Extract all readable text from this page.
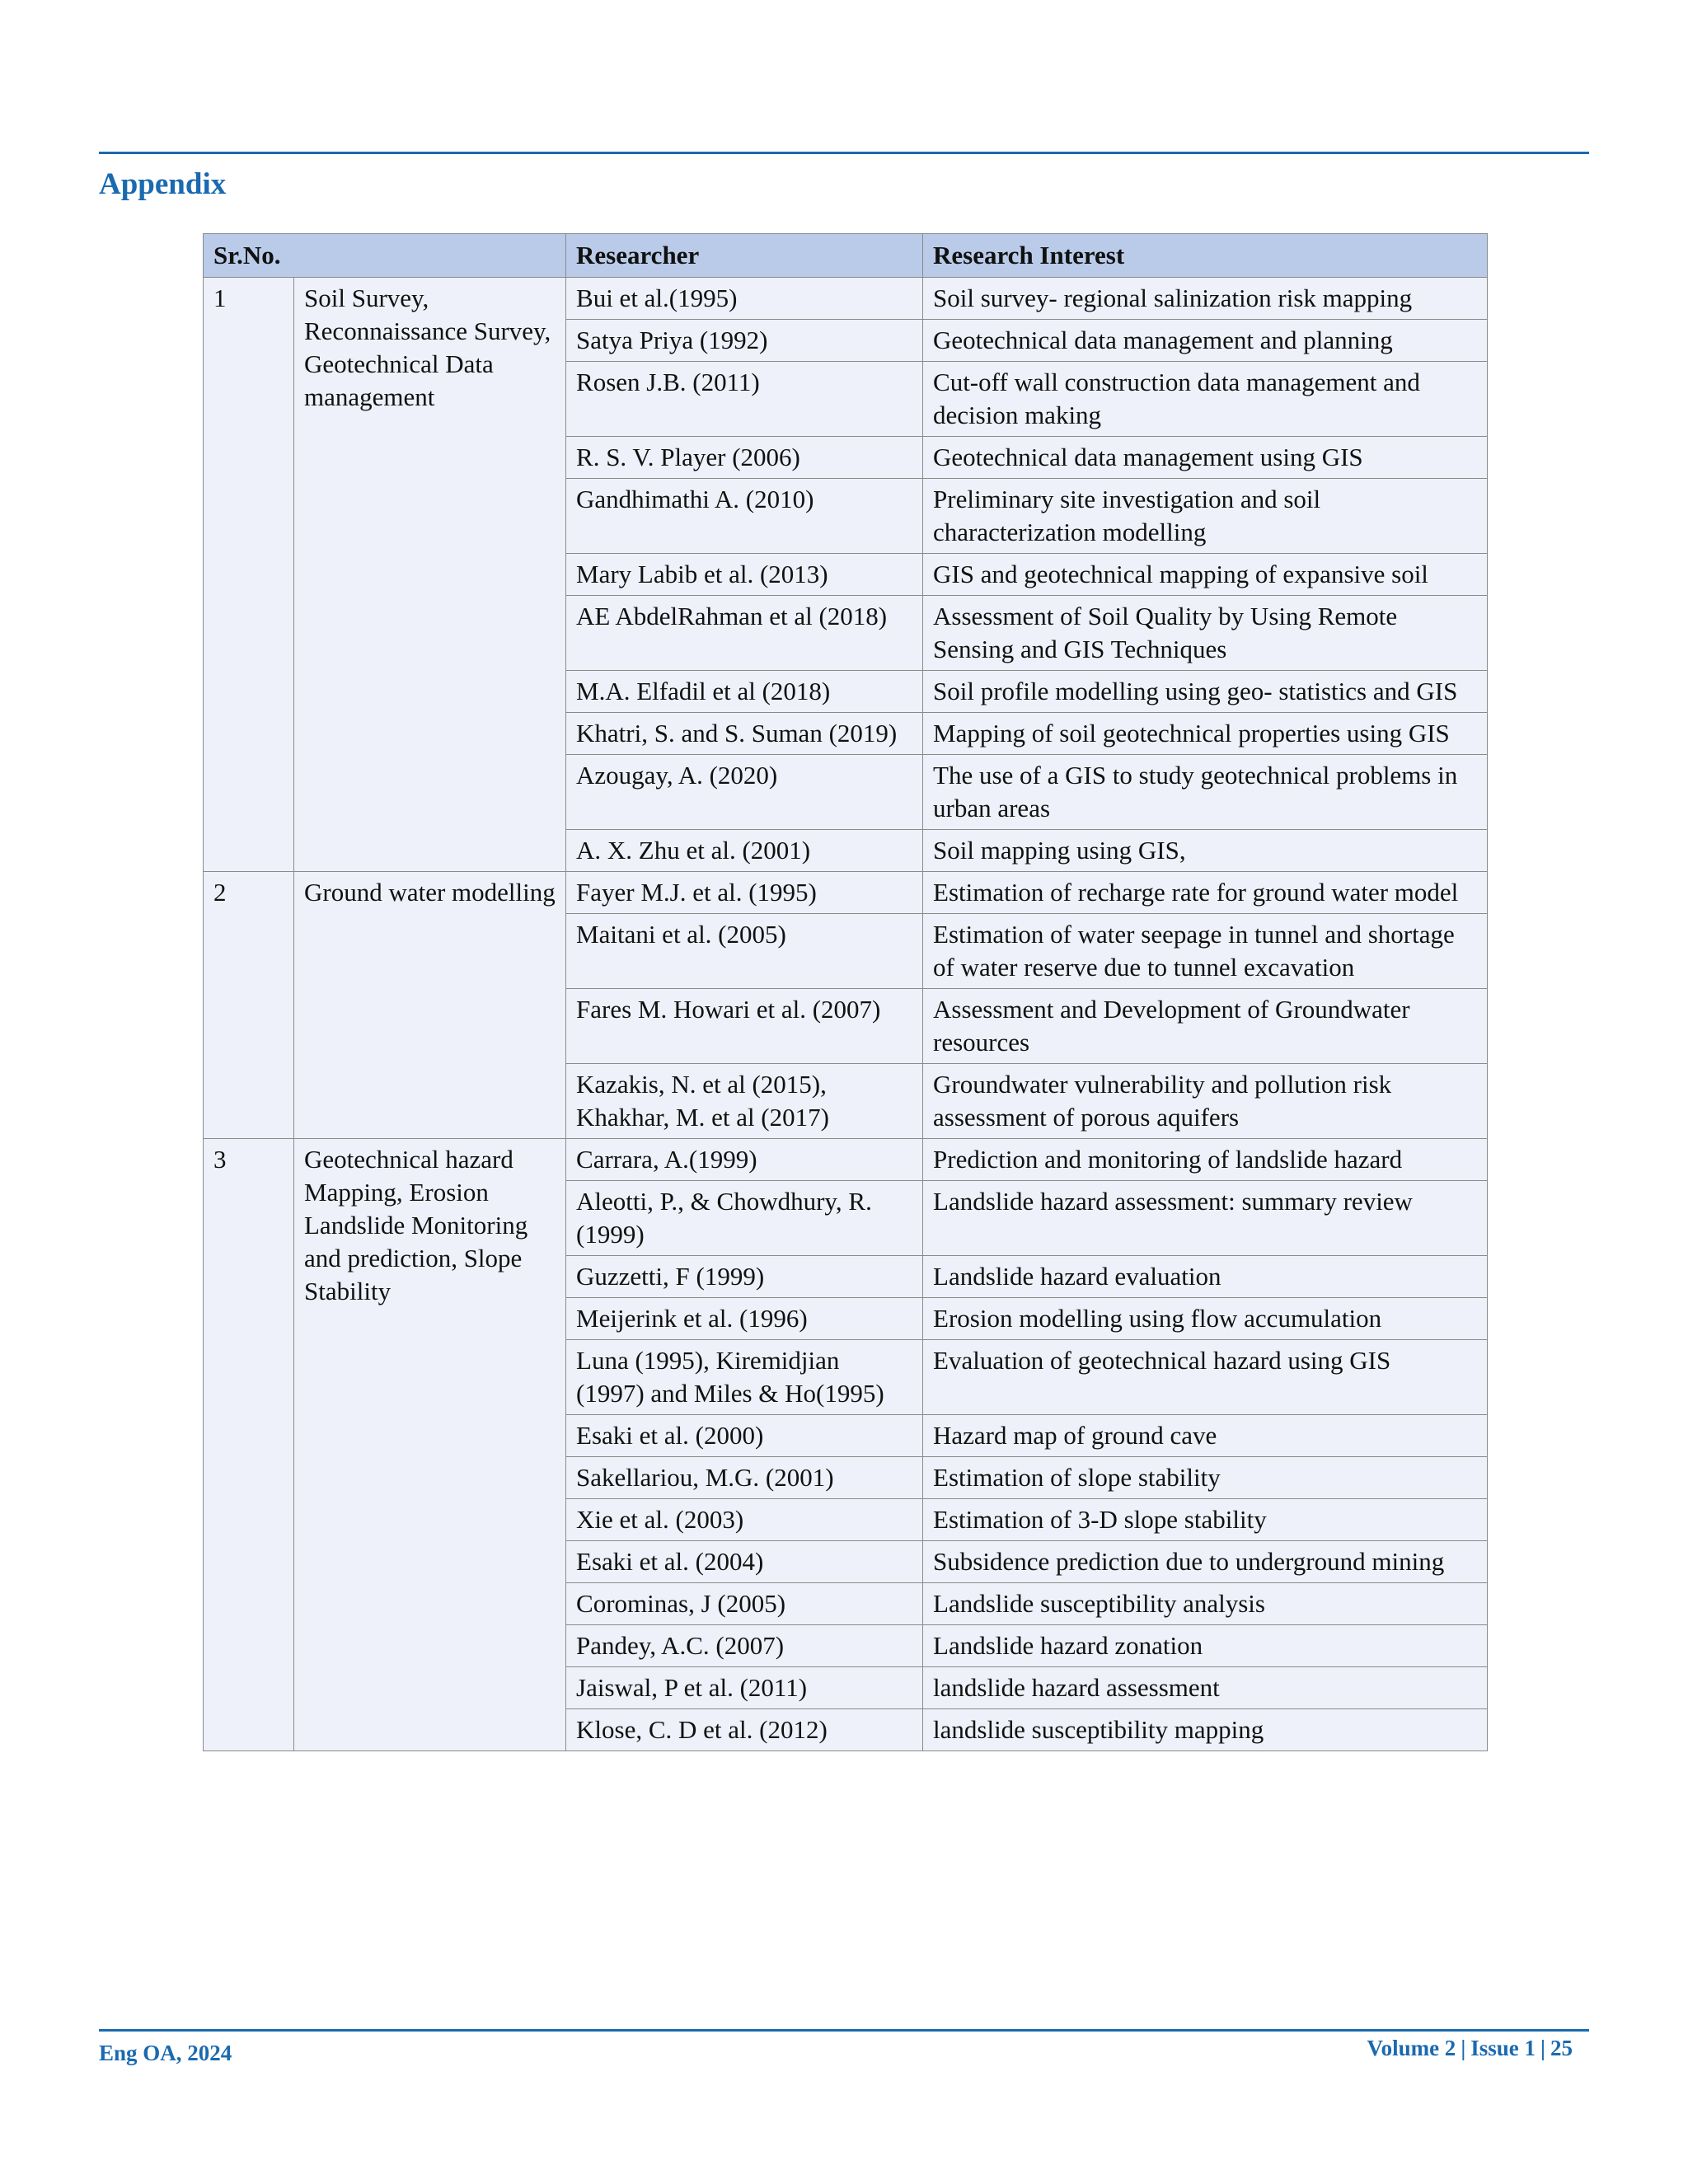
Appendix
Sr.No.		Researcher	Research Interest
1	Soil Survey, Reconnaissance Survey, Geotechnical Data management	Bui et al.(1995)	Soil survey- regional salinization risk mapping
		Satya Priya (1992)	Geotechnical data management and planning
		Rosen J.B. (2011)	Cut-off wall construction data management and decision making
		R. S. V. Player (2006)	Geotechnical data management using GIS
		Gandhimathi A. (2010)	Preliminary site investigation and soil characterization modelling
		Mary Labib et al. (2013)	GIS and geotechnical mapping of expansive soil
		AE AbdelRahman et al (2018)	Assessment of Soil Quality by Using Remote Sensing and GIS Techniques
		M.A. Elfadil et al (2018)	Soil profile modelling using geo- statistics and GIS
		Khatri, S. and S. Suman (2019)	Mapping of soil geotechnical properties using GIS
		Azougay, A. (2020)	The use of a GIS to study geotechnical problems in urban areas
		A. X. Zhu et al. (2001)	Soil mapping using GIS,
2	Ground water modelling	Fayer M.J. et al. (1995)	Estimation of recharge rate for ground water model
		Maitani et al. (2005)	Estimation of water seepage in tunnel and shortage of water reserve due to tunnel excavation
		Fares M. Howari et al. (2007)	Assessment and Development of Groundwater resources
		Kazakis, N. et al (2015), Khakhar, M. et al (2017)	Groundwater vulnerability and pollution risk assessment of porous aquifers
3	Geotechnical hazard Mapping, Erosion Landslide Monitoring and prediction, Slope Stability	Carrara, A.(1999)	Prediction and monitoring of landslide hazard
		Aleotti, P., & Chowdhury, R. (1999)	Landslide hazard assessment: summary review
		Guzzetti, F (1999)	Landslide hazard evaluation
		Meijerink et al. (1996)	Erosion modelling using flow accumulation
		Luna (1995), Kiremidjian (1997) and Miles & Ho(1995)	Evaluation of geotechnical hazard using GIS
		Esaki et al. (2000)	Hazard map of ground cave
		Sakellariou, M.G. (2001)	Estimation of slope stability
		Xie et al. (2003)	Estimation of 3-D slope stability
		Esaki et al. (2004)	Subsidence prediction due to underground mining
		Corominas, J (2005)	Landslide susceptibility analysis
		Pandey, A.C. (2007)	Landslide hazard zonation
		Jaiswal, P et al. (2011)	landslide hazard assessment
		Klose, C. D et al. (2012)	landslide susceptibility mapping
Eng OA, 2024	Volume 2 | Issue 1 | 25
